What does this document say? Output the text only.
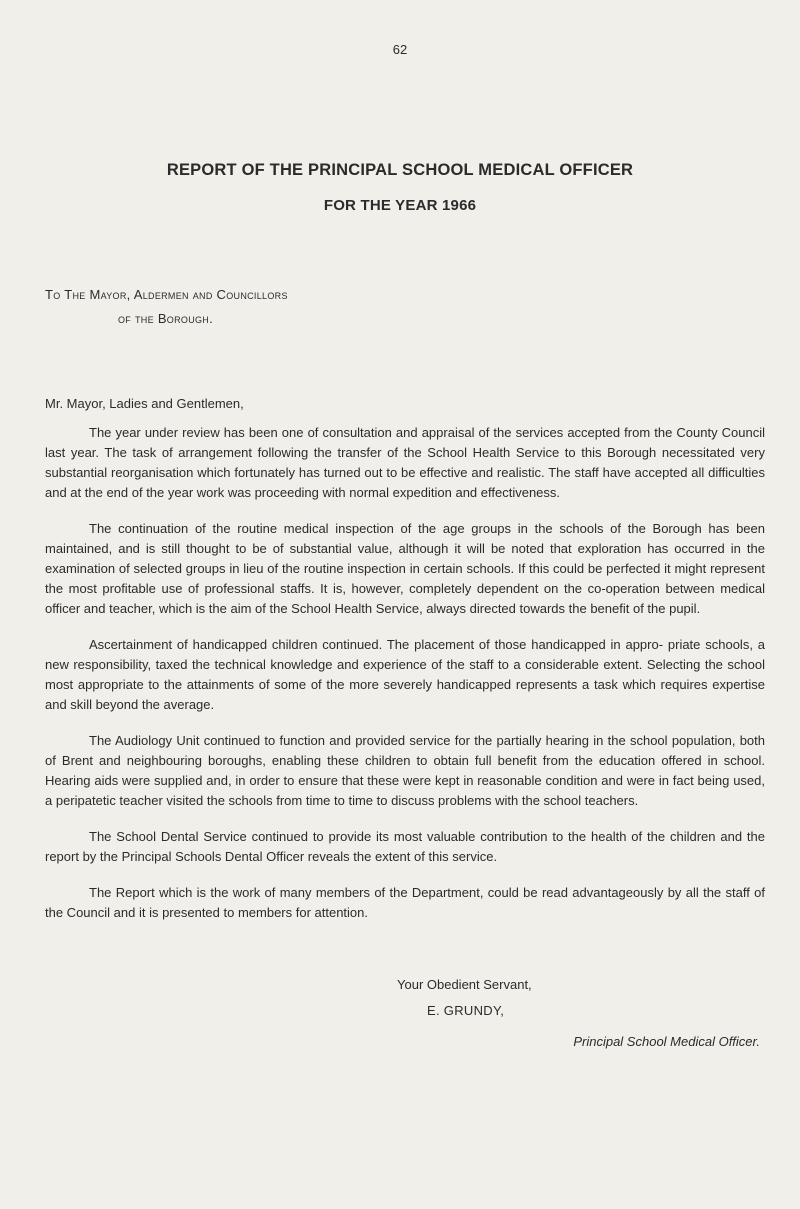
62
REPORT OF THE PRINCIPAL SCHOOL MEDICAL OFFICER
FOR THE YEAR 1966
To The Mayor, Aldermen and Councillors
of the Borough.
Mr. Mayor, Ladies and Gentlemen,

The year under review has been one of consultation and appraisal of the services accepted from the County Council last year. The task of arrangement following the transfer of the School Health Service to this Borough necessitated very substantial reorganisation which fortunately has turned out to be effective and realistic. The staff have accepted all difficulties and at the end of the year work was proceeding with normal expedition and effectiveness.

The continuation of the routine medical inspection of the age groups in the schools of the Borough has been maintained, and is still thought to be of substantial value, although it will be noted that exploration has occurred in the examination of selected groups in lieu of the routine inspection in certain schools. If this could be perfected it might represent the most profitable use of professional staffs. It is, however, completely dependent on the co-operation between medical officer and teacher, which is the aim of the School Health Service, always directed towards the benefit of the pupil.

Ascertainment of handicapped children continued. The placement of those handicapped in appro- priate schools, a new responsibility, taxed the technical knowledge and experience of the staff to a considerable extent. Selecting the school most appropriate to the attainments of some of the more severely handicapped represents a task which requires expertise and skill beyond the average.

The Audiology Unit continued to function and provided service for the partially hearing in the school population, both of Brent and neighbouring boroughs, enabling these children to obtain full benefit from the education offered in school. Hearing aids were supplied and, in order to ensure that these were kept in reasonable condition and were in fact being used, a peripatetic teacher visited the schools from time to time to discuss problems with the school teachers.

The School Dental Service continued to provide its most valuable contribution to the health of the children and the report by the Principal Schools Dental Officer reveals the extent of this service.

The Report which is the work of many members of the Department, could be read advantageously by all the staff of the Council and it is presented to members for attention.

Your Obedient Servant,
E. GRUNDY,
Principal School Medical Officer.
